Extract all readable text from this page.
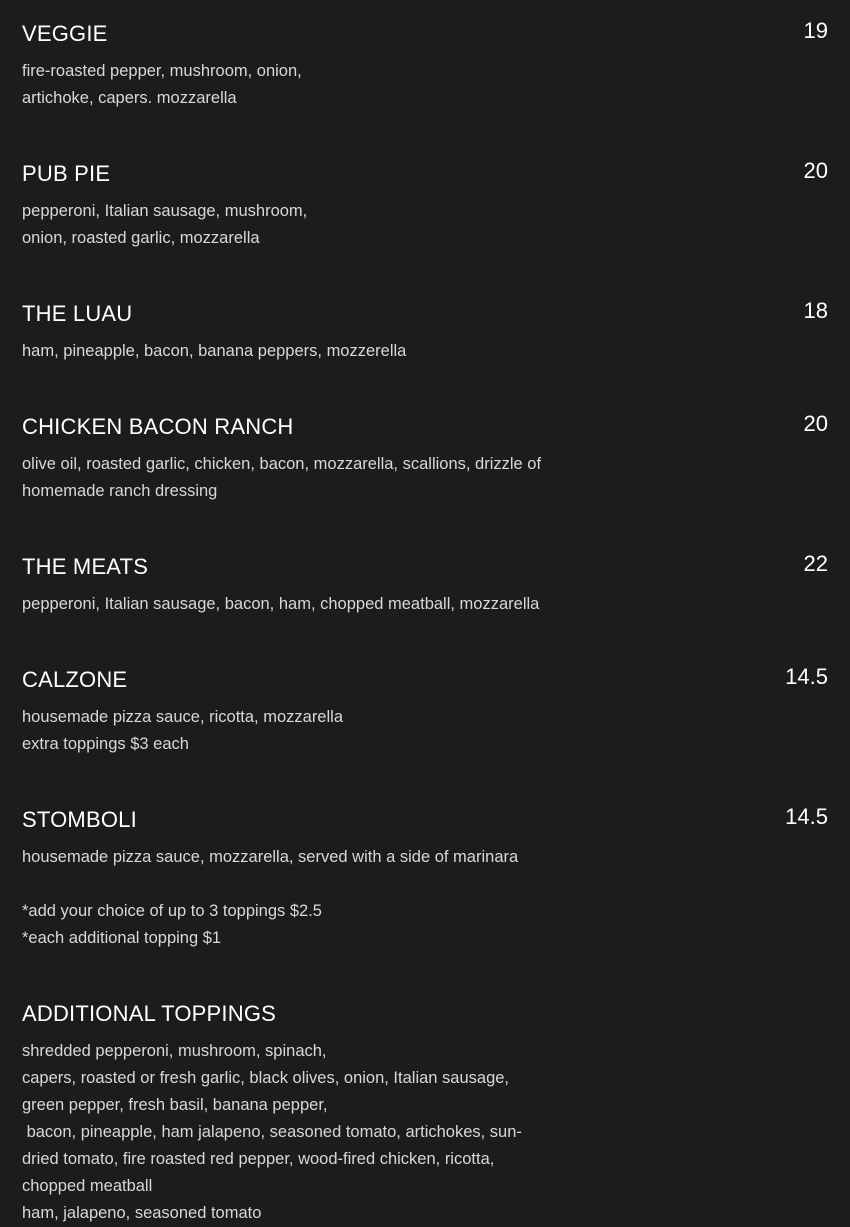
VEGGIE	19
fire-roasted pepper, mushroom, onion,
artichoke, capers. mozzarella
PUB PIE	20
pepperoni, Italian sausage, mushroom,
onion, roasted garlic, mozzarella
THE LUAU	18
ham, pineapple, bacon, banana peppers, mozzerella
CHICKEN BACON RANCH	20
olive oil, roasted garlic, chicken, bacon, mozzarella, scallions, drizzle of
homemade ranch dressing
THE MEATS	22
pepperoni, Italian sausage, bacon, ham, chopped meatball, mozzarella
CALZONE	14.5
housemade pizza sauce, ricotta, mozzarella
extra toppings $3 each
STOMBOLI	14.5
housemade pizza sauce, mozzarella, served with a side of marinara

*add your choice of up to 3 toppings $2.5
*each additional topping $1
ADDITIONAL TOPPINGS
shredded pepperoni, mushroom, spinach,
capers, roasted or fresh garlic, black olives, onion, Italian sausage,
green pepper, fresh basil, banana pepper,
bacon, pineapple, ham jalapeno, seasoned tomato, artichokes, sun-
dried tomato, fire roasted red pepper, wood-fired chicken, ricotta,
chopped meatball
ham, jalapeno, seasoned tomato
